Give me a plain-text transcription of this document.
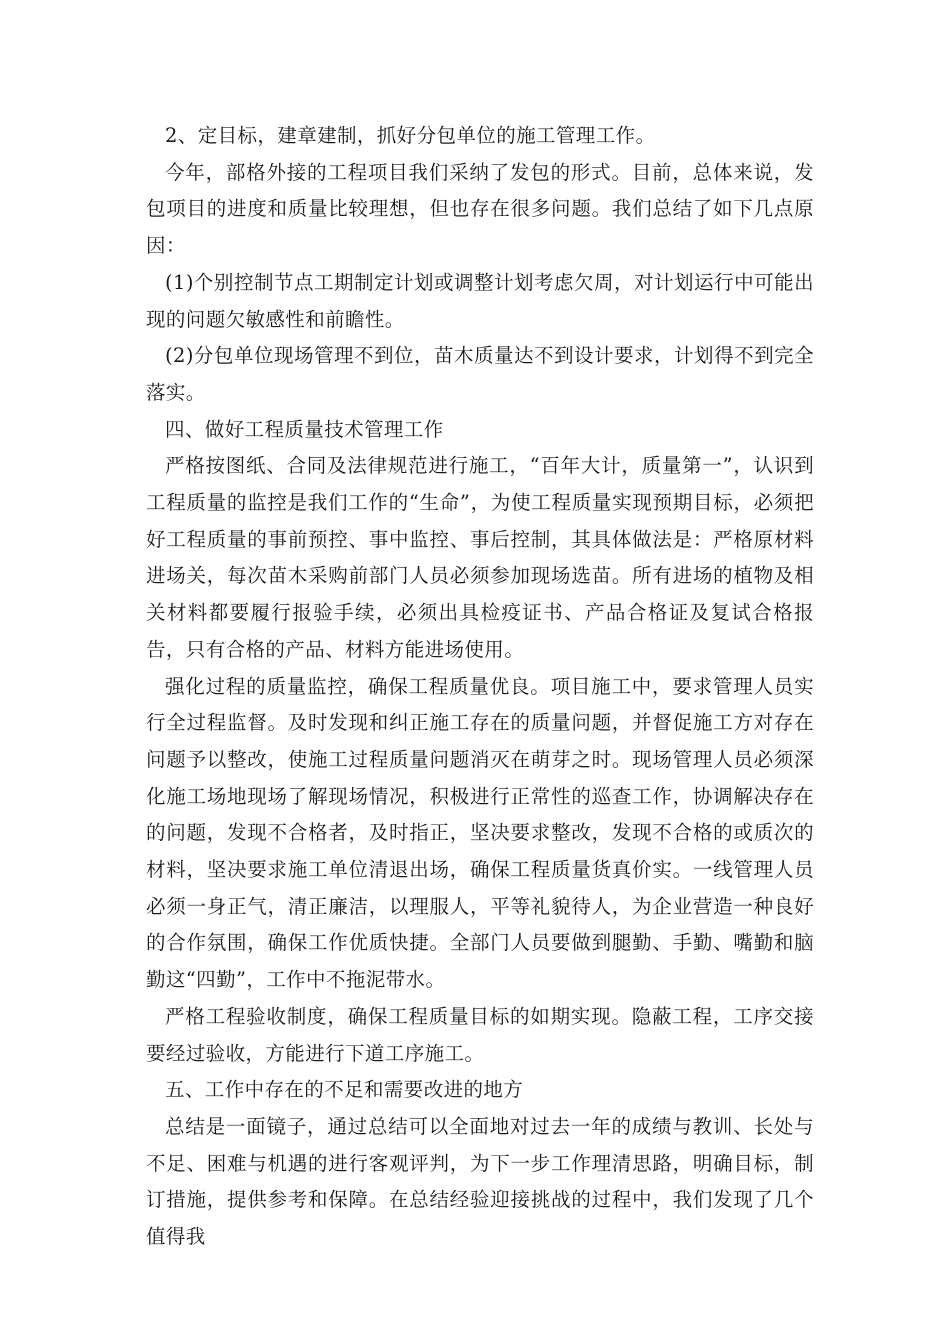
2、定目标，建章建制，抓好分包单位的施工管理工作。

今年，部格外接的工程项目我们采纳了发包的形式。目前，总体来说，发包项目的进度和质量比较理想，但也存在很多问题。我们总结了如下几点原因：

(1)个别控制节点工期制定计划或调整计划考虑欠周，对计划运行中可能出现的问题欠敏感性和前瞻性。

(2)分包单位现场管理不到位，苗木质量达不到设计要求，计划得不到完全落实。

四、做好工程质量技术管理工作

严格按图纸、合同及法律规范进行施工，“百年大计，质量第一”，认识到工程质量的监控是我们工作的“生命”，为使工程质量实现预期目标，必须把好工程质量的事前预控、事中监控、事后控制，其具体做法是：严格原材料进场关，每次苗木采购前部门人员必须参加现场选苗。所有进场的植物及相关材料都要履行报验手续，必须出具检疫证书、产品合格证及复试合格报告，只有合格的产品、材料方能进场使用。

强化过程的质量监控，确保工程质量优良。项目施工中，要求管理人员实行全过程监督。及时发现和纠正施工存在的质量问题，并督促施工方对存在问题予以整改，使施工过程质量问题消灭在萌芽之时。现场管理人员必须深化施工场地现场了解现场情况，积极进行正常性的巡查工作，协调解决存在的问题，发现不合格者，及时指正，坚决要求整改，发现不合格的或质次的材料，坚决要求施工单位清退出场，确保工程质量货真价实。一线管理人员必须一身正气，清正廉洁，以理服人，平等礼貌待人，为企业营造一种良好的合作氛围，确保工作优质快捷。全部门人员要做到腿勤、手勤、嘴勤和脑勤这“四勤”，工作中不拖泥带水。

严格工程验收制度，确保工程质量目标的如期实现。隐蔽工程，工序交接要经过验收，方能进行下道工序施工。

五、工作中存在的不足和需要改进的地方

总结是一面镜子，通过总结可以全面地对过去一年的成绩与教训、长处与不足、困难与机遇的进行客观评判，为下一步工作理清思路，明确目标，制订措施，提供参考和保障。在总结经验迎接挑战的过程中，我们发现了几个值得我
